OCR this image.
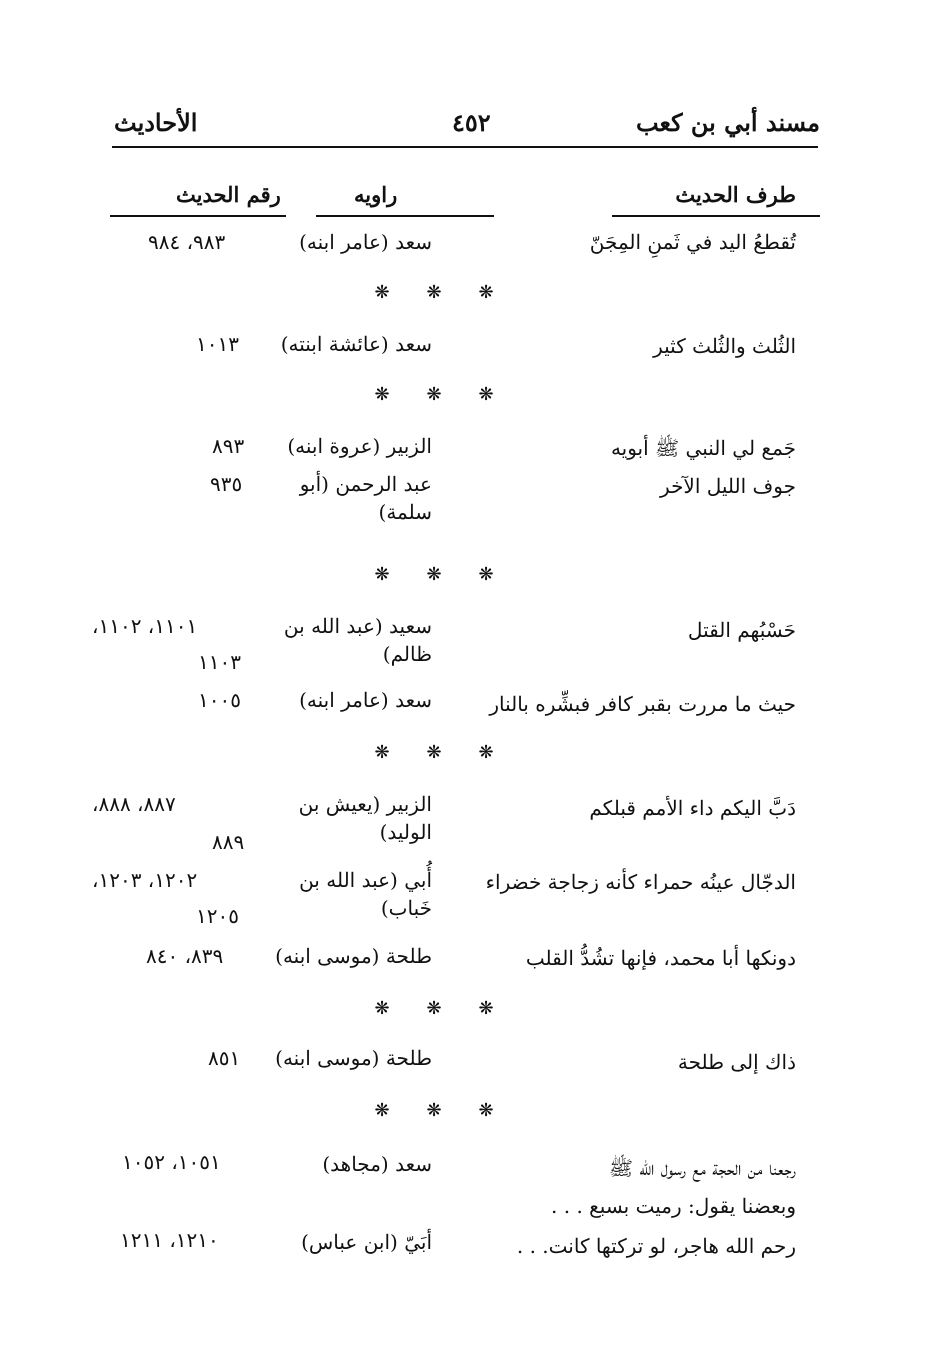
مسند أبي بن كعب
٤٥٢
الأحاديث
طرف الحديث
راويه
رقم الحديث
تُقطعُ اليد في ثَمنِ المِجَنّ
سعد (عامر ابنه)
٩٨٣، ٩٨٤
❋ ❋ ❋
الثُلث والثُلث كثير
سعد (عائشة ابنته)
١٠١٣
❋ ❋ ❋
جَمع لي النبي ﷺ أبويه
الزبير (عروة ابنه)
٨٩٣
جوف الليل الآخر
عبد الرحمن (أبو سلمة)
٩٣٥
❋ ❋ ❋
حَسْبُهم القتل
سعيد (عبد الله بن ظالم)
١١٠١، ١١٠٢،
١١٠٣
حيث ما مررت بقبر كافر فبشِّره بالنار
سعد (عامر ابنه)
١٠٠٥
❋ ❋ ❋
دَبَّ اليكم داء الأمم قبلكم
الزبير (يعيش بن الوليد)
٨٨٧، ٨٨٨،
٨٨٩
الدجّال عينُه حمراء كأنه زجاجة خضراء
أُبي (عبد الله بن خَباب)
١٢٠٢، ١٢٠٣،
١٢٠٥
دونكها أبا محمد، فإنها تشُدُّ القلب
طلحة (موسى ابنه)
٨٣٩، ٨٤٠
❋ ❋ ❋
ذاك إلى طلحة
طلحة (موسى ابنه)
٨٥١
❋ ❋ ❋
رجعنا من الحجة مع رسول الله ﷺ
وبعضنا يقول: رميت بسبع . . .
سعد (مجاهد)
١٠٥١، ١٠٥٢
رحم الله هاجر، لو تركتها كانت. . .
أبَيّ (ابن عباس)
١٢١٠، ١٢١١
